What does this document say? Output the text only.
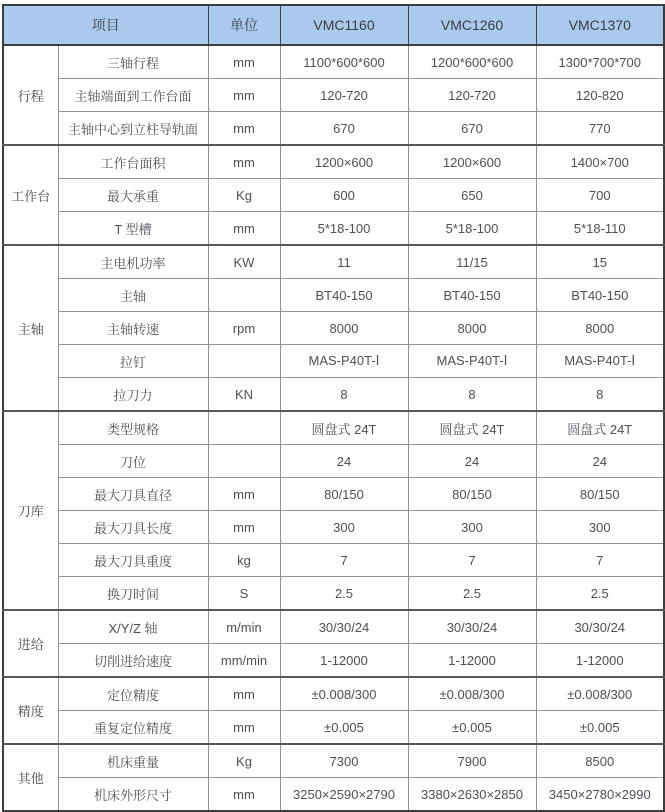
项目		单位	VMC1160	VMC1260	VMC1370
行程	三轴行程	mm	1100*600*600	1200*600*600	1300*700*700
	主轴端面到工作台面	mm	120-720	120-720	120-820
	主轴中心到立柱导轨面	mm	670	670	770
工作台	工作台面积	mm	1200×600	1200×600	1400×700
	最大承重	Kg	600	650	700
	T 型槽	mm	5*18-100	5*18-100	5*18-110
主轴	主电机功率	KW	11	11/15	15
	主轴		BT40-150	BT40-150	BT40-150
	主轴转速	rpm	8000	8000	8000
	拉钉		MAS-P40T-Ⅰ	MAS-P40T-Ⅰ	MAS-P40T-Ⅰ
	拉刀力	KN	8	8	8
刀库	类型规格		圆盘式 24T	圆盘式 24T	圆盘式 24T
	刀位		24	24	24
	最大刀具直径	mm	80/150	80/150	80/150
	最大刀具长度	mm	300	300	300
	最大刀具重度	kg	7	7	7
	换刀时间	S	2.5	2.5	2.5
进给	X/Y/Z 轴	m/min	30/30/24	30/30/24	30/30/24
	切削进给速度	mm/min	1-12000	1-12000	1-12000
精度	定位精度	mm	±0.008/300	±0.008/300	±0.008/300
	重复定位精度	mm	±0.005	±0.005	±0.005
其他	机床重量	Kg	7300	7900	8500
	机床外形尺寸	mm	3250×2590×2790	3380×2630×2850	3450×2780×2990
